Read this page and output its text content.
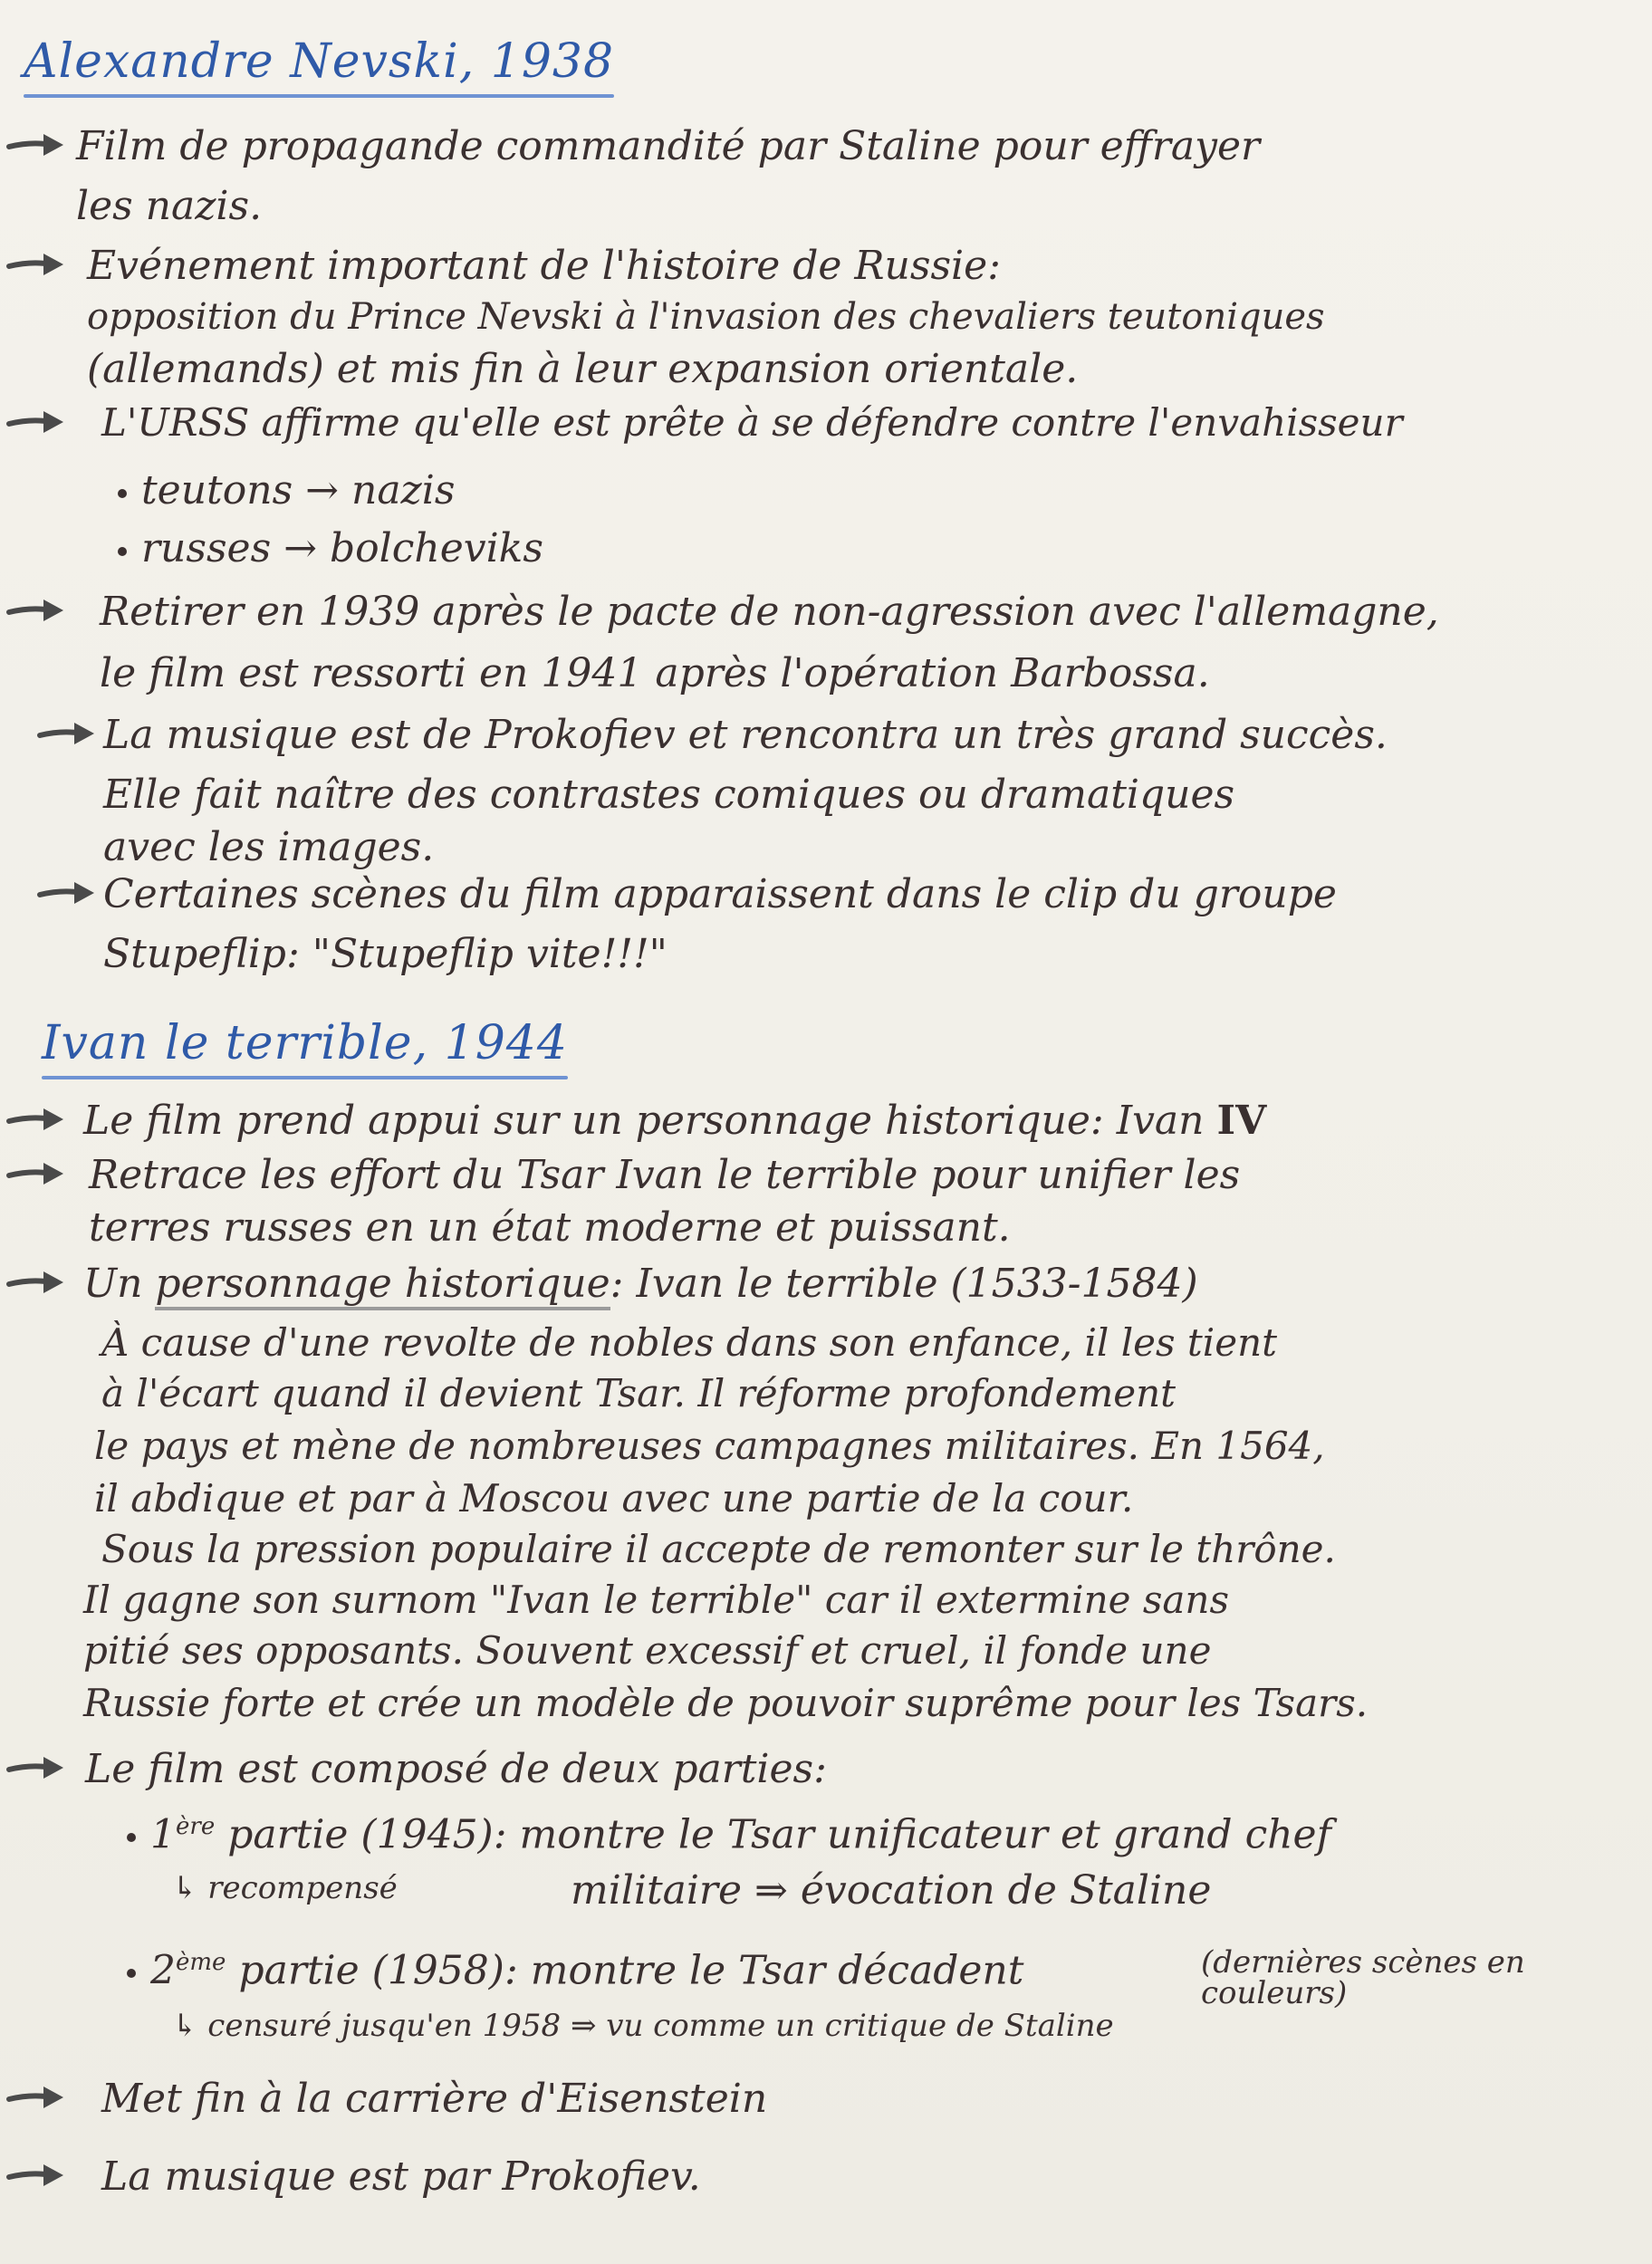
Alexandre Nevski, 1938
Film de propagande commandité par Staline pour effrayer
les nazis.
Evénement important de l'histoire de Russie:
opposition du Prince Nevski à l'invasion des chevaliers teutoniques
(allemands) et mis fin à leur expansion orientale.
L'URSS affirme qu'elle est prête à se défendre contre l'envahisseur
teutons → nazis
russes → bolcheviks
Retirer en 1939 après le pacte de non-agression avec l'allemagne,
le film est ressorti en 1941 après l'opération Barbossa.
La musique est de Prokofiev et rencontra un très grand succès.
Elle fait naître des contrastes comiques ou dramatiques
avec les images.
Certaines scènes du film apparaissent dans le clip du groupe
Stupeflip: "Stupeflip vite!!!"
Ivan le terrible, 1944
Le film prend appui sur un personnage historique: Ivan IV
Retrace les effort du Tsar Ivan le terrible pour unifier les
terres russes en un état moderne et puissant.
Un personnage historique: Ivan le terrible (1533-1584)
À cause d'une revolte de nobles dans son enfance, il les tient
à l'écart quand il devient Tsar. Il réforme profondement
le pays et mène de nombreuses campagnes militaires. En 1564,
il abdique et par à Moscou avec une partie de la cour.
Sous la pression populaire il accepte de remonter sur le thrône.
Il gagne son surnom "Ivan le terrible" car il extermine sans
pitié ses opposants. Souvent excessif et cruel, il fonde une
Russie forte et crée un modèle de pouvoir suprême pour les Tsars.
Le film est composé de deux parties:
1ère partie (1945): montre le Tsar unificateur et grand chef
↳ recompensé	militaire ⇒ évocation de Staline
2ème partie (1958): montre le Tsar décadent	(dernières scènes en couleurs)
↳ censuré jusqu'en 1958 ⇒ vu comme un critique de Staline
Met fin à la carrière d'Eisenstein
La musique est par Prokofiev.
